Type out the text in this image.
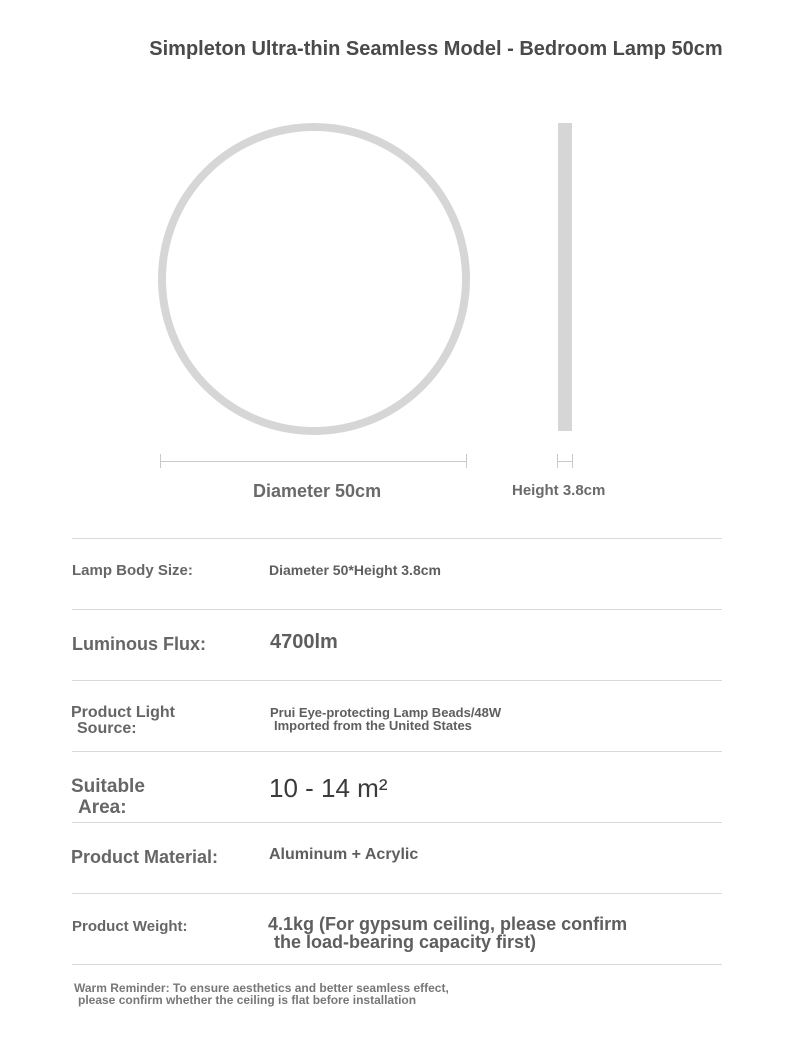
Simpleton Ultra-thin Seamless Model - Bedroom Lamp 50cm
Diameter 50cm	Height 3.8cm
Lamp Body Size:	Diameter 50*Height 3.8cm
Luminous Flux:	4700lm
Product Light
Source:
Prui Eye-protecting Lamp Beads/48W
Imported from the United States
Suitable
Area:
10 - 14 m²
Product Material:	Aluminum + Acrylic
Product Weight:	4.1kg (For gypsum ceiling, please confirm
the load-bearing capacity first)
Warm Reminder: To ensure aesthetics and better seamless effect,
please confirm whether the ceiling is flat before installation
